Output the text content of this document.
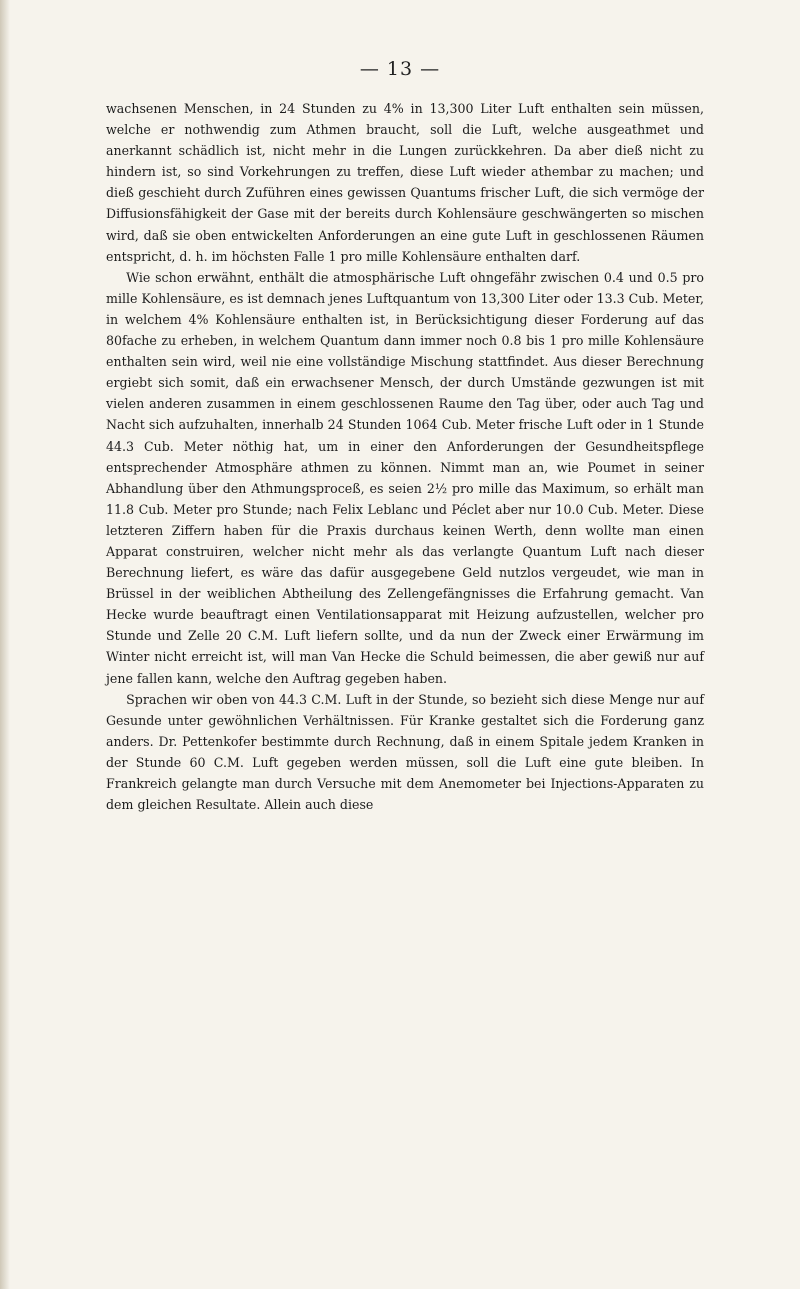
— 13 —

wachsenen Menschen, in 24 Stunden zu 4% in 13,300 Liter Luft enthalten sein müssen, welche er nothwendig zum Athmen braucht, soll die Luft, welche ausgeathmet und anerkannt schädlich ist, nicht mehr in die Lungen zurückkehren. Da aber dieß nicht zu hindern ist, so sind Vorkehrungen zu treffen, diese Luft wieder athembar zu machen; und dieß geschieht durch Zuführen eines gewissen Quantums frischer Luft, die sich vermöge der Diffusionsfähigkeit der Gase mit der bereits durch Kohlensäure geschwängerten so mischen wird, daß sie oben entwickelten Anforderungen an eine gute Luft in geschlossenen Räumen entspricht, d. h. im höchsten Falle 1 pro mille Kohlensäure enthalten darf.

Wie schon erwähnt, enthält die atmosphärische Luft ohngefähr zwischen 0.4 und 0.5 pro mille Kohlensäure, es ist demnach jenes Luftquantum von 13,300 Liter oder 13.3 Cub. Meter, in welchem 4% Kohlensäure enthalten ist, in Berücksichtigung dieser Forderung auf das 80fache zu erheben, in welchem Quantum dann immer noch 0.8 bis 1 pro mille Kohlensäure enthalten sein wird, weil nie eine vollständige Mischung stattfindet. Aus dieser Berechnung ergiebt sich somit, daß ein erwachsener Mensch, der durch Umstände gezwungen ist mit vielen anderen zusammen in einem geschlossenen Raume den Tag über, oder auch Tag und Nacht sich aufzuhalten, innerhalb 24 Stunden 1064 Cub. Meter frische Luft oder in 1 Stunde 44.3 Cub. Meter nöthig hat, um in einer den Anforderungen der Gesundheitspflege entsprechender Atmosphäre athmen zu können. Nimmt man an, wie Poumet in seiner Abhandlung über den Athmungsproceß, es seien 2½ pro mille das Maximum, so erhält man 11.8 Cub. Meter pro Stunde; nach Felix Leblanc und Péclet aber nur 10.0 Cub. Meter. Diese letzteren Ziffern haben für die Praxis durchaus keinen Werth, denn wollte man einen Apparat construiren, welcher nicht mehr als das verlangte Quantum Luft nach dieser Berechnung liefert, es wäre das dafür ausgegebene Geld nutzlos vergeudet, wie man in Brüssel in der weiblichen Abtheilung des Zellengefängnisses die Erfahrung gemacht. Van Hecke wurde beauftragt einen Ventilationsapparat mit Heizung aufzustellen, welcher pro Stunde und Zelle 20 C.M. Luft liefern sollte, und da nun der Zweck einer Erwärmung im Winter nicht erreicht ist, will man Van Hecke die Schuld beimessen, die aber gewiß nur auf jene fallen kann, welche den Auftrag gegeben haben.

Sprachen wir oben von 44.3 C.M. Luft in der Stunde, so bezieht sich diese Menge nur auf Gesunde unter gewöhnlichen Verhältnissen. Für Kranke gestaltet sich die Forderung ganz anders. Dr. Pettenkofer bestimmte durch Rechnung, daß in einem Spitale jedem Kranken in der Stunde 60 C.M. Luft gegeben werden müssen, soll die Luft eine gute bleiben. In Frankreich gelangte man durch Versuche mit dem Anemometer bei Injections-Apparaten zu dem gleichen Resultate. Allein auch diese
